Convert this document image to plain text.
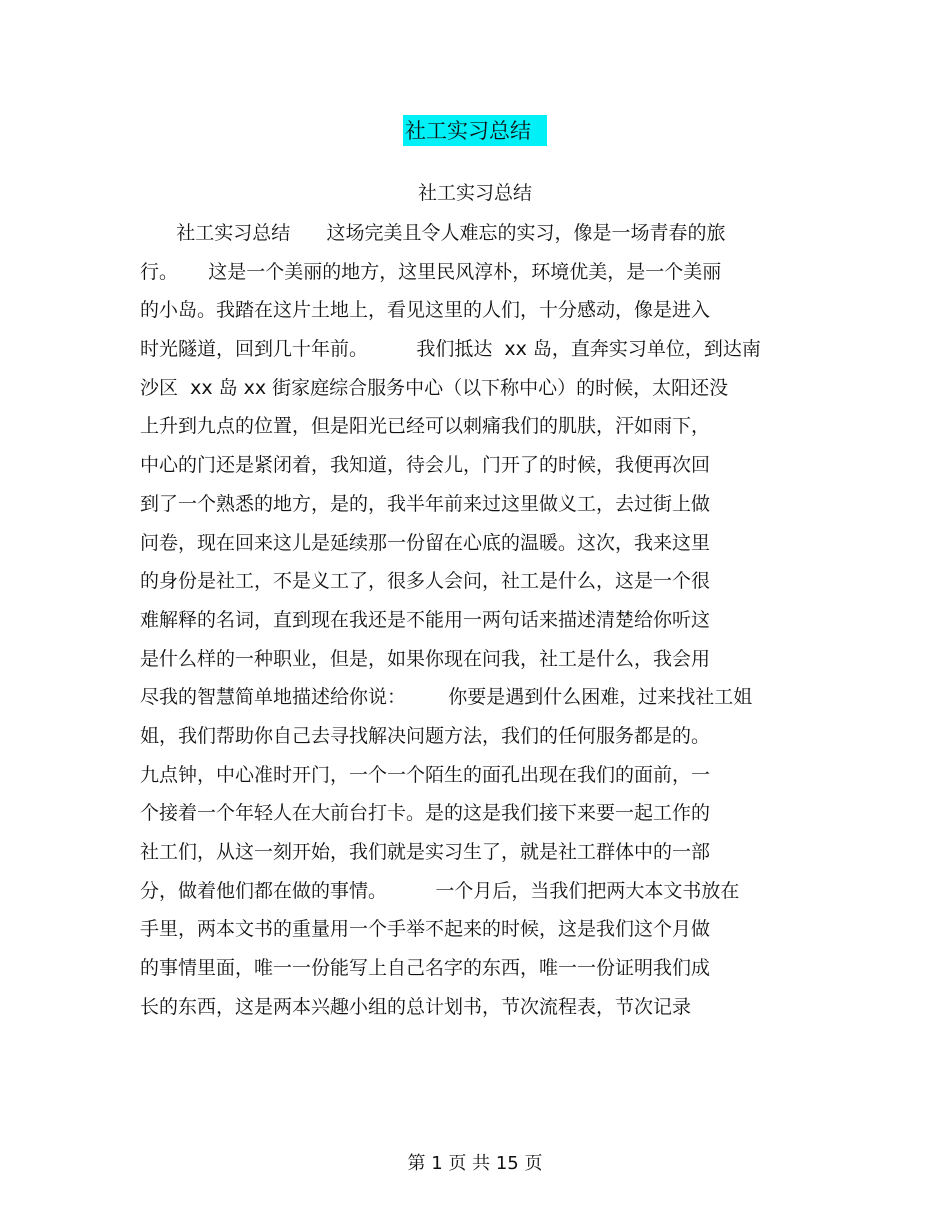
社工实习总结
社工实习总结
社工实习总结      这场完美且令人难忘的实习，像是一场青春的旅
行。     这是一个美丽的地方，这里民风淳朴，环境优美，是一个美丽
的小岛。我踏在这片土地上，看见这里的人们，十分感动，像是进入
时光隧道，回到几十年前。        我们抵达  xx 岛，直奔实习单位，到达南
沙区  xx 岛 xx 街家庭综合服务中心（以下称中心）的时候，太阳还没
上升到九点的位置，但是阳光已经可以刺痛我们的肌肤，汗如雨下，
中心的门还是紧闭着，我知道，待会儿，门开了的时候，我便再次回
到了一个熟悉的地方，是的，我半年前来过这里做义工，去过街上做
问卷，现在回来这儿是延续那一份留在心底的温暖。这次，我来这里
的身份是社工，不是义工了，很多人会问，社工是什么，这是一个很
难解释的名词，直到现在我还是不能用一两句话来描述清楚给你听这
是什么样的一种职业，但是，如果你现在问我，社工是什么，我会用
尽我的智慧简单地描述给你说：       你要是遇到什么困难，过来找社工姐
姐，我们帮助你自己去寻找解决问题方法，我们的任何服务都是的。
九点钟，中心准时开门，一个一个陌生的面孔出现在我们的面前，一
个接着一个年轻人在大前台打卡。是的这是我们接下来要一起工作的
社工们，从这一刻开始，我们就是实习生了，就是社工群体中的一部
分，做着他们都在做的事情。        一个月后，当我们把两大本文书放在
手里，两本文书的重量用一个手举不起来的时候，这是我们这个月做
的事情里面，唯一一份能写上自己名字的东西，唯一一份证明我们成
长的东西，这是两本兴趣小组的总计划书，节次流程表，节次记录
第 1 页 共 15 页
